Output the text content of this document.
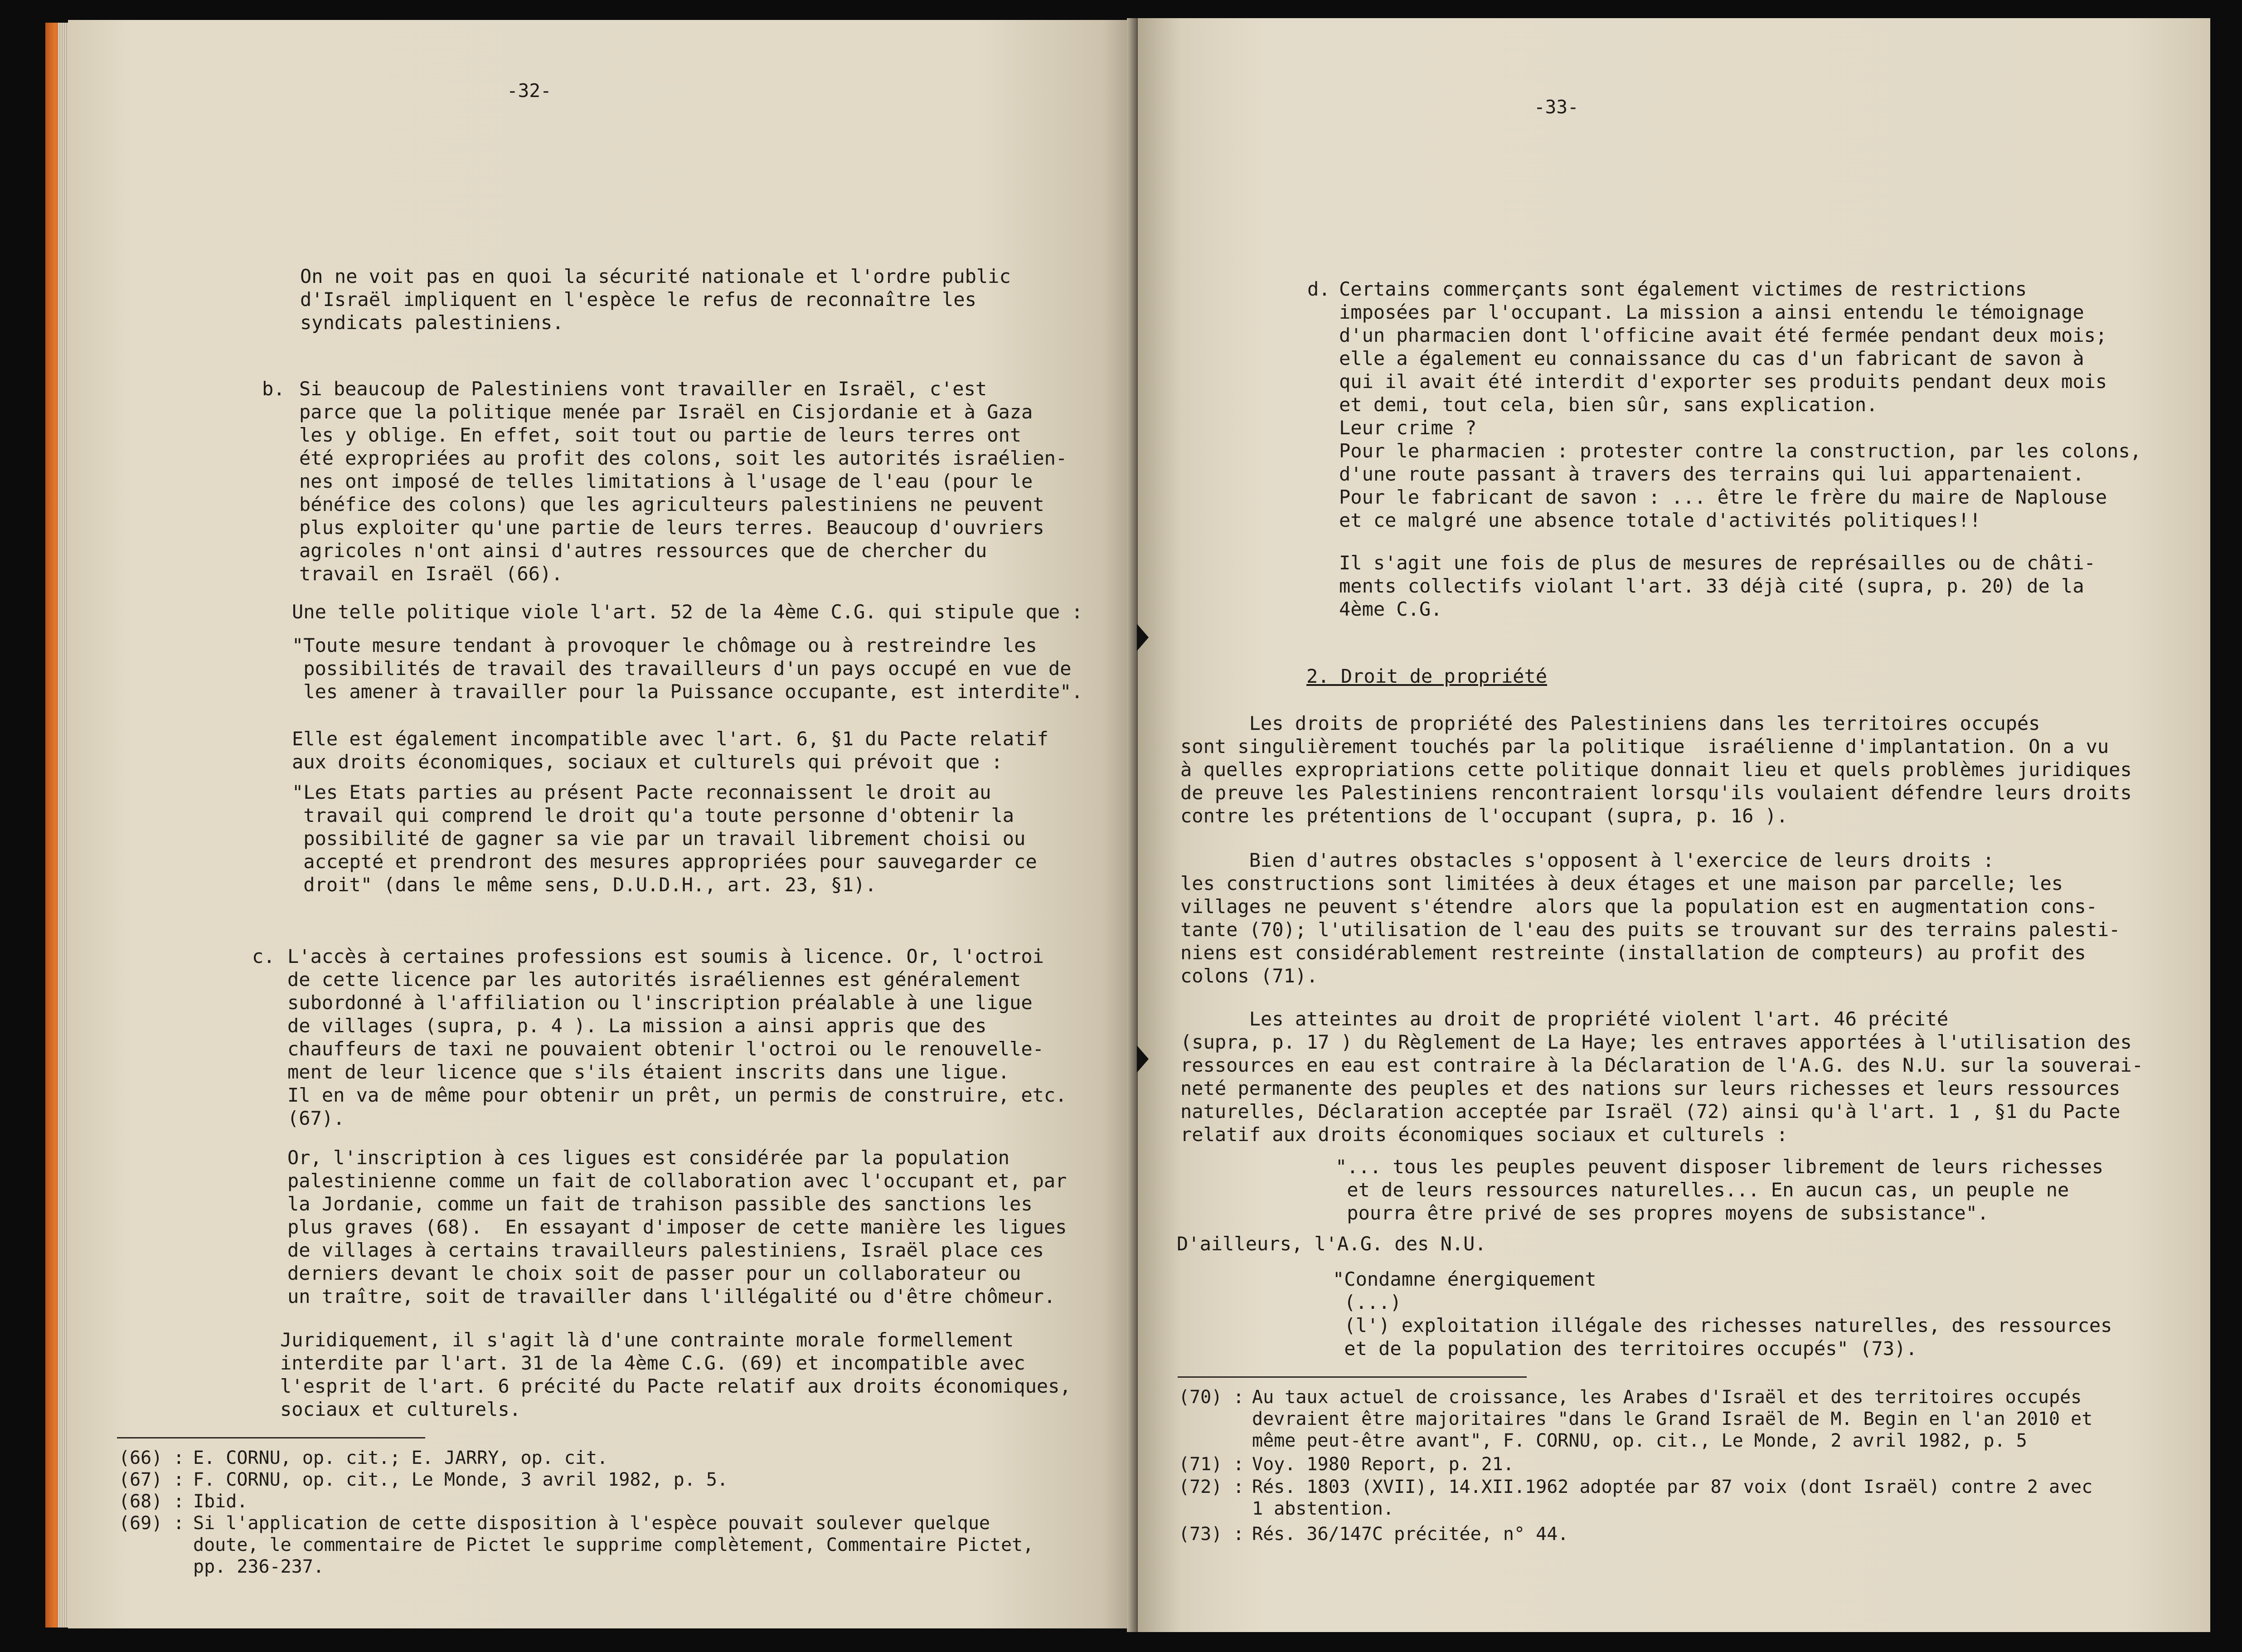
-32-
On ne voit pas en quoi la sécurité nationale et l'ordre public
d'Israël impliquent en l'espèce le refus de reconnaître les
syndicats palestiniens.
b. Si beaucoup de Palestiniens vont travailler en Israël, c'est
parce que la politique menée par Israël en Cisjordanie et à Gaza
les y oblige. En effet, soit tout ou partie de leurs terres ont
été expropriées au profit des colons, soit les autorités israélien-
nes ont imposé de telles limitations à l'usage de l'eau (pour le
bénéfice des colons) que les agriculteurs palestiniens ne peuvent
plus exploiter qu'une partie de leurs terres. Beaucoup d'ouvriers
agricoles n'ont ainsi d'autres ressources que de chercher du
travail en Israël (66).
Une telle politique viole l'art. 52 de la 4ème C.G. qui stipule que :
"Toute mesure tendant à provoquer le chômage ou à restreindre les
possibilités de travail des travailleurs d'un pays occupé en vue de
les amener à travailler pour la Puissance occupante, est interdite".
Elle est également incompatible avec l'art. 6, §1 du Pacte relatif
aux droits économiques, sociaux et culturels qui prévoit que :
"Les Etats parties au présent Pacte reconnaissent le droit au
travail qui comprend le droit qu'a toute personne d'obtenir la
possibilité de gagner sa vie par un travail librement choisi ou
accepté et prendront des mesures appropriées pour sauvegarder ce
droit" (dans le même sens, D.U.D.H., art. 23, §1).
c. L'accès à certaines professions est soumis à licence. Or, l'octroi
de cette licence par les autorités israéliennes est généralement
subordonné à l'affiliation ou l'inscription préalable à une ligue
de villages (supra, p. 4 ). La mission a ainsi appris que des
chauffeurs de taxi ne pouvaient obtenir l'octroi ou le renouvelle-
ment de leur licence que s'ils étaient inscrits dans une ligue.
Il en va de même pour obtenir un prêt, un permis de construire, etc.
(67).
Or, l'inscription à ces ligues est considérée par la population
palestinienne comme un fait de collaboration avec l'occupant et, par
la Jordanie, comme un fait de trahison passible des sanctions les
plus graves (68).  En essayant d'imposer de cette manière les ligues
de villages à certains travailleurs palestiniens, Israël place ces
derniers devant le choix soit de passer pour un collaborateur ou
un traître, soit de travailler dans l'illégalité ou d'être chômeur.
Juridiquement, il s'agit là d'une contrainte morale formellement
interdite par l'art. 31 de la 4ème C.G. (69) et incompatible avec
l'esprit de l'art. 6 précité du Pacte relatif aux droits économiques,
sociaux et culturels.
(66) : E. CORNU, op. cit.; E. JARRY, op. cit.
(67) : F. CORNU, op. cit., Le Monde, 3 avril 1982, p. 5.
(68) : Ibid.
(69) : Si l'application de cette disposition à l'espèce pouvait soulever quelque
doute, le commentaire de Pictet le supprime complètement, Commentaire Pictet,
pp. 236-237.
-33-
d. Certains commerçants sont également victimes de restrictions
imposées par l'occupant. La mission a ainsi entendu le témoignage
d'un pharmacien dont l'officine avait été fermée pendant deux mois;
elle a également eu connaissance du cas d'un fabricant de savon à
qui il avait été interdit d'exporter ses produits pendant deux mois
et demi, tout cela, bien sûr, sans explication.
Leur crime ?
Pour le pharmacien : protester contre la construction, par les colons,
d'une route passant à travers des terrains qui lui appartenaient.
Pour le fabricant de savon : ... être le frère du maire de Naplouse
et ce malgré une absence totale d'activités politiques!!
Il s'agit une fois de plus de mesures de représailles ou de châti-
ments collectifs violant l'art. 33 déjà cité (supra, p. 20) de la
4ème C.G.
2. Droit de propriété
Les droits de propriété des Palestiniens dans les territoires occupés
sont singulièrement touchés par la politique  israélienne d'implantation. On a vu
à quelles expropriations cette politique donnait lieu et quels problèmes juridiques
de preuve les Palestiniens rencontraient lorsqu'ils voulaient défendre leurs droits
contre les prétentions de l'occupant (supra, p. 16 ).
Bien d'autres obstacles s'opposent à l'exercice de leurs droits :
les constructions sont limitées à deux étages et une maison par parcelle; les
villages ne peuvent s'étendre  alors que la population est en augmentation cons-
tante (70); l'utilisation de l'eau des puits se trouvant sur des terrains palesti-
niens est considérablement restreinte (installation de compteurs) au profit des
colons (71).
Les atteintes au droit de propriété violent l'art. 46 précité
(supra, p. 17 ) du Règlement de La Haye; les entraves apportées à l'utilisation des
ressources en eau est contraire à la Déclaration de l'A.G. des N.U. sur la souverai-
neté permanente des peuples et des nations sur leurs richesses et leurs ressources
naturelles, Déclaration acceptée par Israël (72) ainsi qu'à l'art. 1 , §1 du Pacte
relatif aux droits économiques sociaux et culturels :
"... tous les peuples peuvent disposer librement de leurs richesses
et de leurs ressources naturelles... En aucun cas, un peuple ne
pourra être privé de ses propres moyens de subsistance".
D'ailleurs, l'A.G. des N.U.
"Condamne énergiquement
(...)
(l') exploitation illégale des richesses naturelles, des ressources
et de la population des territoires occupés" (73).
(70) : Au taux actuel de croissance, les Arabes d'Israël et des territoires occupés
devraient être majoritaires "dans le Grand Israël de M. Begin en l'an 2010 et
même peut-être avant", F. CORNU, op. cit., Le Monde, 2 avril 1982, p. 5
(71) : Voy. 1980 Report, p. 21.
(72) : Rés. 1803 (XVII), 14.XII.1962 adoptée par 87 voix (dont Israël) contre 2 avec
1 abstention.
(73) : Rés. 36/147C précitée, n° 44.
